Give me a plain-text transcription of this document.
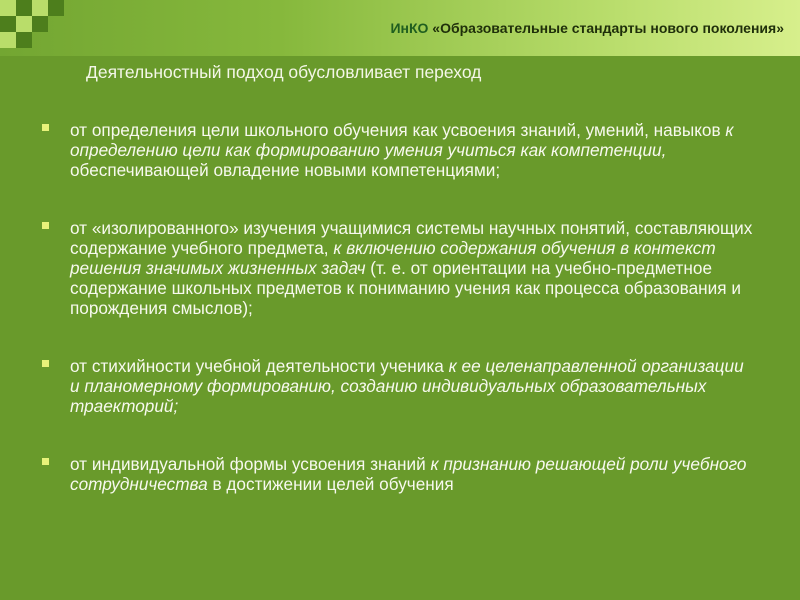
ИнКО «Образовательные стандарты нового поколения»
Деятельностный подход обусловливает переход
от определения цели школьного обучения как усвоения знаний, умений, навыков к определению цели как формированию умения учиться как компетенции, обеспечивающей овладение новыми компетенциями;
от «изолированного» изучения учащимися системы научных понятий, составляющих содержание учебного предмета, к включению содержания обучения в контекст решения значимых жизненных задач (т. е. от ориентации на учебно-предметное содержание школьных предметов к пониманию учения как процесса образования и порождения смыслов);
от стихийности учебной деятельности ученика к ее целенаправленной организации и планомерному формированию, созданию индивидуальных образовательных траекторий;
от индивидуальной формы усвоения знаний к признанию решающей роли учебного сотрудничества в достижении целей обучения
